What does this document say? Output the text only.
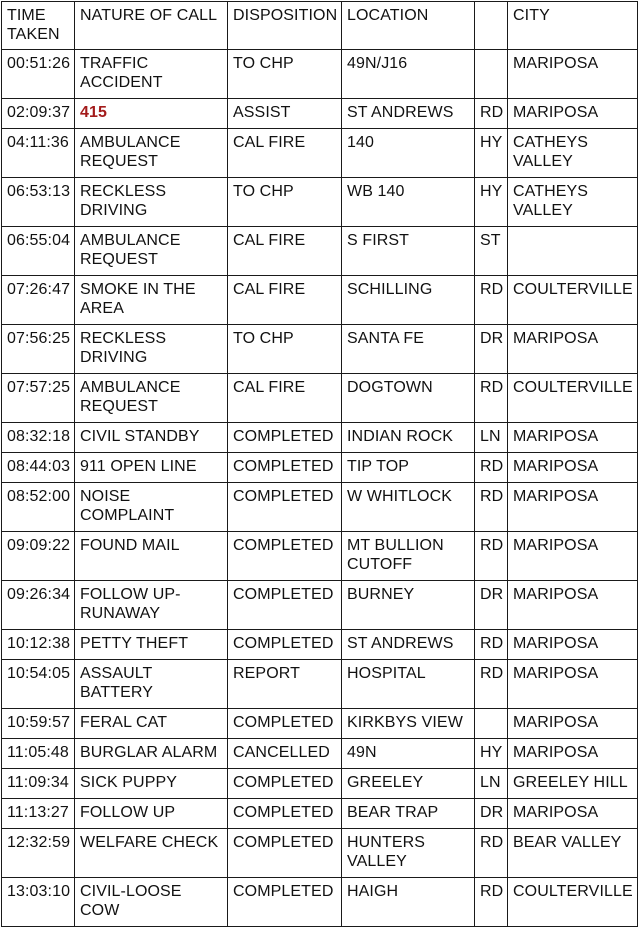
TIME TAKEN	NATURE OF CALL	DISPOSITION	LOCATION		CITY
00:51:26	TRAFFIC ACCIDENT	TO CHP	49N/J16		MARIPOSA
02:09:37	415	ASSIST	ST ANDREWS	RD	MARIPOSA
04:11:36	AMBULANCE REQUEST	CAL FIRE	140	HY	CATHEYS VALLEY
06:53:13	RECKLESS DRIVING	TO CHP	WB 140	HY	CATHEYS VALLEY
06:55:04	AMBULANCE REQUEST	CAL FIRE	S FIRST	ST	
07:26:47	SMOKE IN THE AREA	CAL FIRE	SCHILLING	RD	COULTERVILLE
07:56:25	RECKLESS DRIVING	TO CHP	SANTA FE	DR	MARIPOSA
07:57:25	AMBULANCE REQUEST	CAL FIRE	DOGTOWN	RD	COULTERVILLE
08:32:18	CIVIL STANDBY	COMPLETED	INDIAN ROCK	LN	MARIPOSA
08:44:03	911 OPEN LINE	COMPLETED	TIP TOP	RD	MARIPOSA
08:52:00	NOISE COMPLAINT	COMPLETED	W WHITLOCK	RD	MARIPOSA
09:09:22	FOUND MAIL	COMPLETED	MT BULLION CUTOFF	RD	MARIPOSA
09:26:34	FOLLOW UP-RUNAWAY	COMPLETED	BURNEY	DR	MARIPOSA
10:12:38	PETTY THEFT	COMPLETED	ST ANDREWS	RD	MARIPOSA
10:54:05	ASSAULT BATTERY	REPORT	HOSPITAL	RD	MARIPOSA
10:59:57	FERAL CAT	COMPLETED	KIRKBYS VIEW		MARIPOSA
11:05:48	BURGLAR ALARM	CANCELLED	49N	HY	MARIPOSA
11:09:34	SICK PUPPY	COMPLETED	GREELEY	LN	GREELEY HILL
11:13:27	FOLLOW UP	COMPLETED	BEAR TRAP	DR	MARIPOSA
12:32:59	WELFARE CHECK	COMPLETED	HUNTERS VALLEY	RD	BEAR VALLEY
13:03:10	CIVIL-LOOSE COW	COMPLETED	HAIGH	RD	COULTERVILLE
